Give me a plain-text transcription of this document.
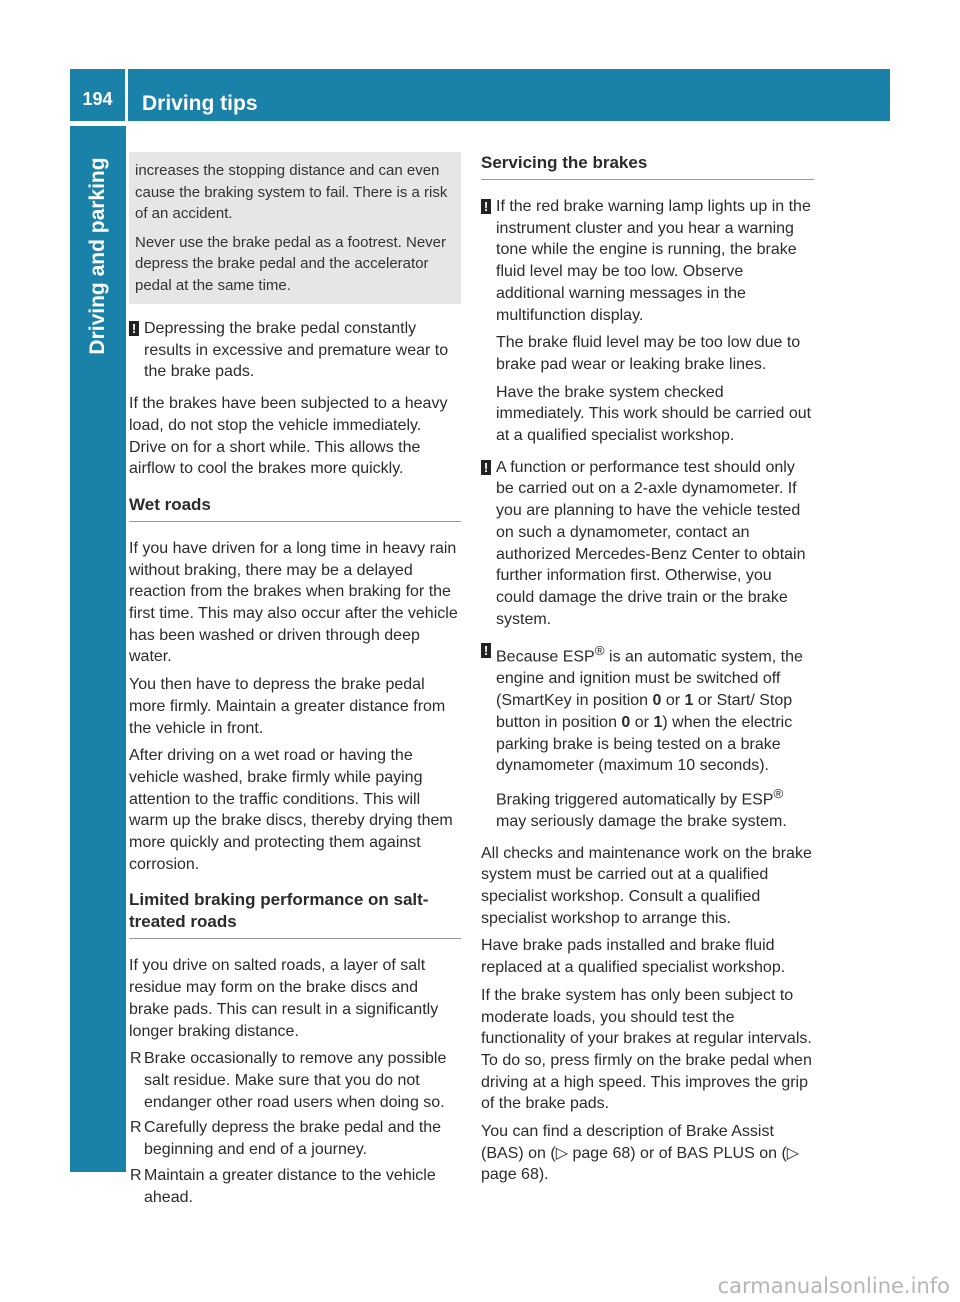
194	Driving tips
Driving and parking increases the stopping distance and can even cause the braking system to fail. There is a risk of an accident.

Never use the brake pedal as a footrest. Never depress the brake pedal and the accelerator pedal at the same time.

! Depressing the brake pedal constantly results in excessive and premature wear to the brake pads.

If the brakes have been subjected to a heavy load, do not stop the vehicle immediately. Drive on for a short while. This allows the airflow to cool the brakes more quickly.

Wet roads

If you have driven for a long time in heavy rain without braking, there may be a delayed reaction from the brakes when braking for the first time. This may also occur after the vehicle has been washed or driven through deep water.

You then have to depress the brake pedal more firmly. Maintain a greater distance from the vehicle in front.

After driving on a wet road or having the vehicle washed, brake firmly while paying attention to the traffic conditions. This will warm up the brake discs, thereby drying them more quickly and protecting them against corrosion.

Limited braking performance on salt-treated roads

If you drive on salted roads, a layer of salt residue may form on the brake discs and brake pads. This can result in a significantly longer braking distance.

R Brake occasionally to remove any possible salt residue. Make sure that you do not endanger other road users when doing so.
R Carefully depress the brake pedal and the beginning and end of a journey.
R Maintain a greater distance to the vehicle ahead.
Servicing the brakes
! If the red brake warning lamp lights up in the instrument cluster and you hear a warning tone while the engine is running, the brake fluid level may be too low. Observe additional warning messages in the multifunction display.

The brake fluid level may be too low due to brake pad wear or leaking brake lines.

Have the brake system checked immediately. This work should be carried out at a qualified specialist workshop.

! A function or performance test should only be carried out on a 2-axle dynamometer. If you are planning to have the vehicle tested on such a dynamometer, contact an authorized Mercedes-Benz Center to obtain further information first. Otherwise, you could damage the drive train or the brake system.

! Because ESP® is an automatic system, the engine and ignition must be switched off (SmartKey in position 0 or 1 or Start/ Stop button in position 0 or 1) when the electric parking brake is being tested on a brake dynamometer (maximum 10 seconds).

Braking triggered automatically by ESP® may seriously damage the brake system.

All checks and maintenance work on the brake system must be carried out at a qualified specialist workshop. Consult a qualified specialist workshop to arrange this.

Have brake pads installed and brake fluid replaced at a qualified specialist workshop.

If the brake system has only been subject to moderate loads, you should test the functionality of your brakes at regular intervals. To do so, press firmly on the brake pedal when driving at a high speed. This improves the grip of the brake pads.

You can find a description of Brake Assist (BAS) on (▷ page 68) or of BAS PLUS on (▷ page 68).

carmanualsonline.info
